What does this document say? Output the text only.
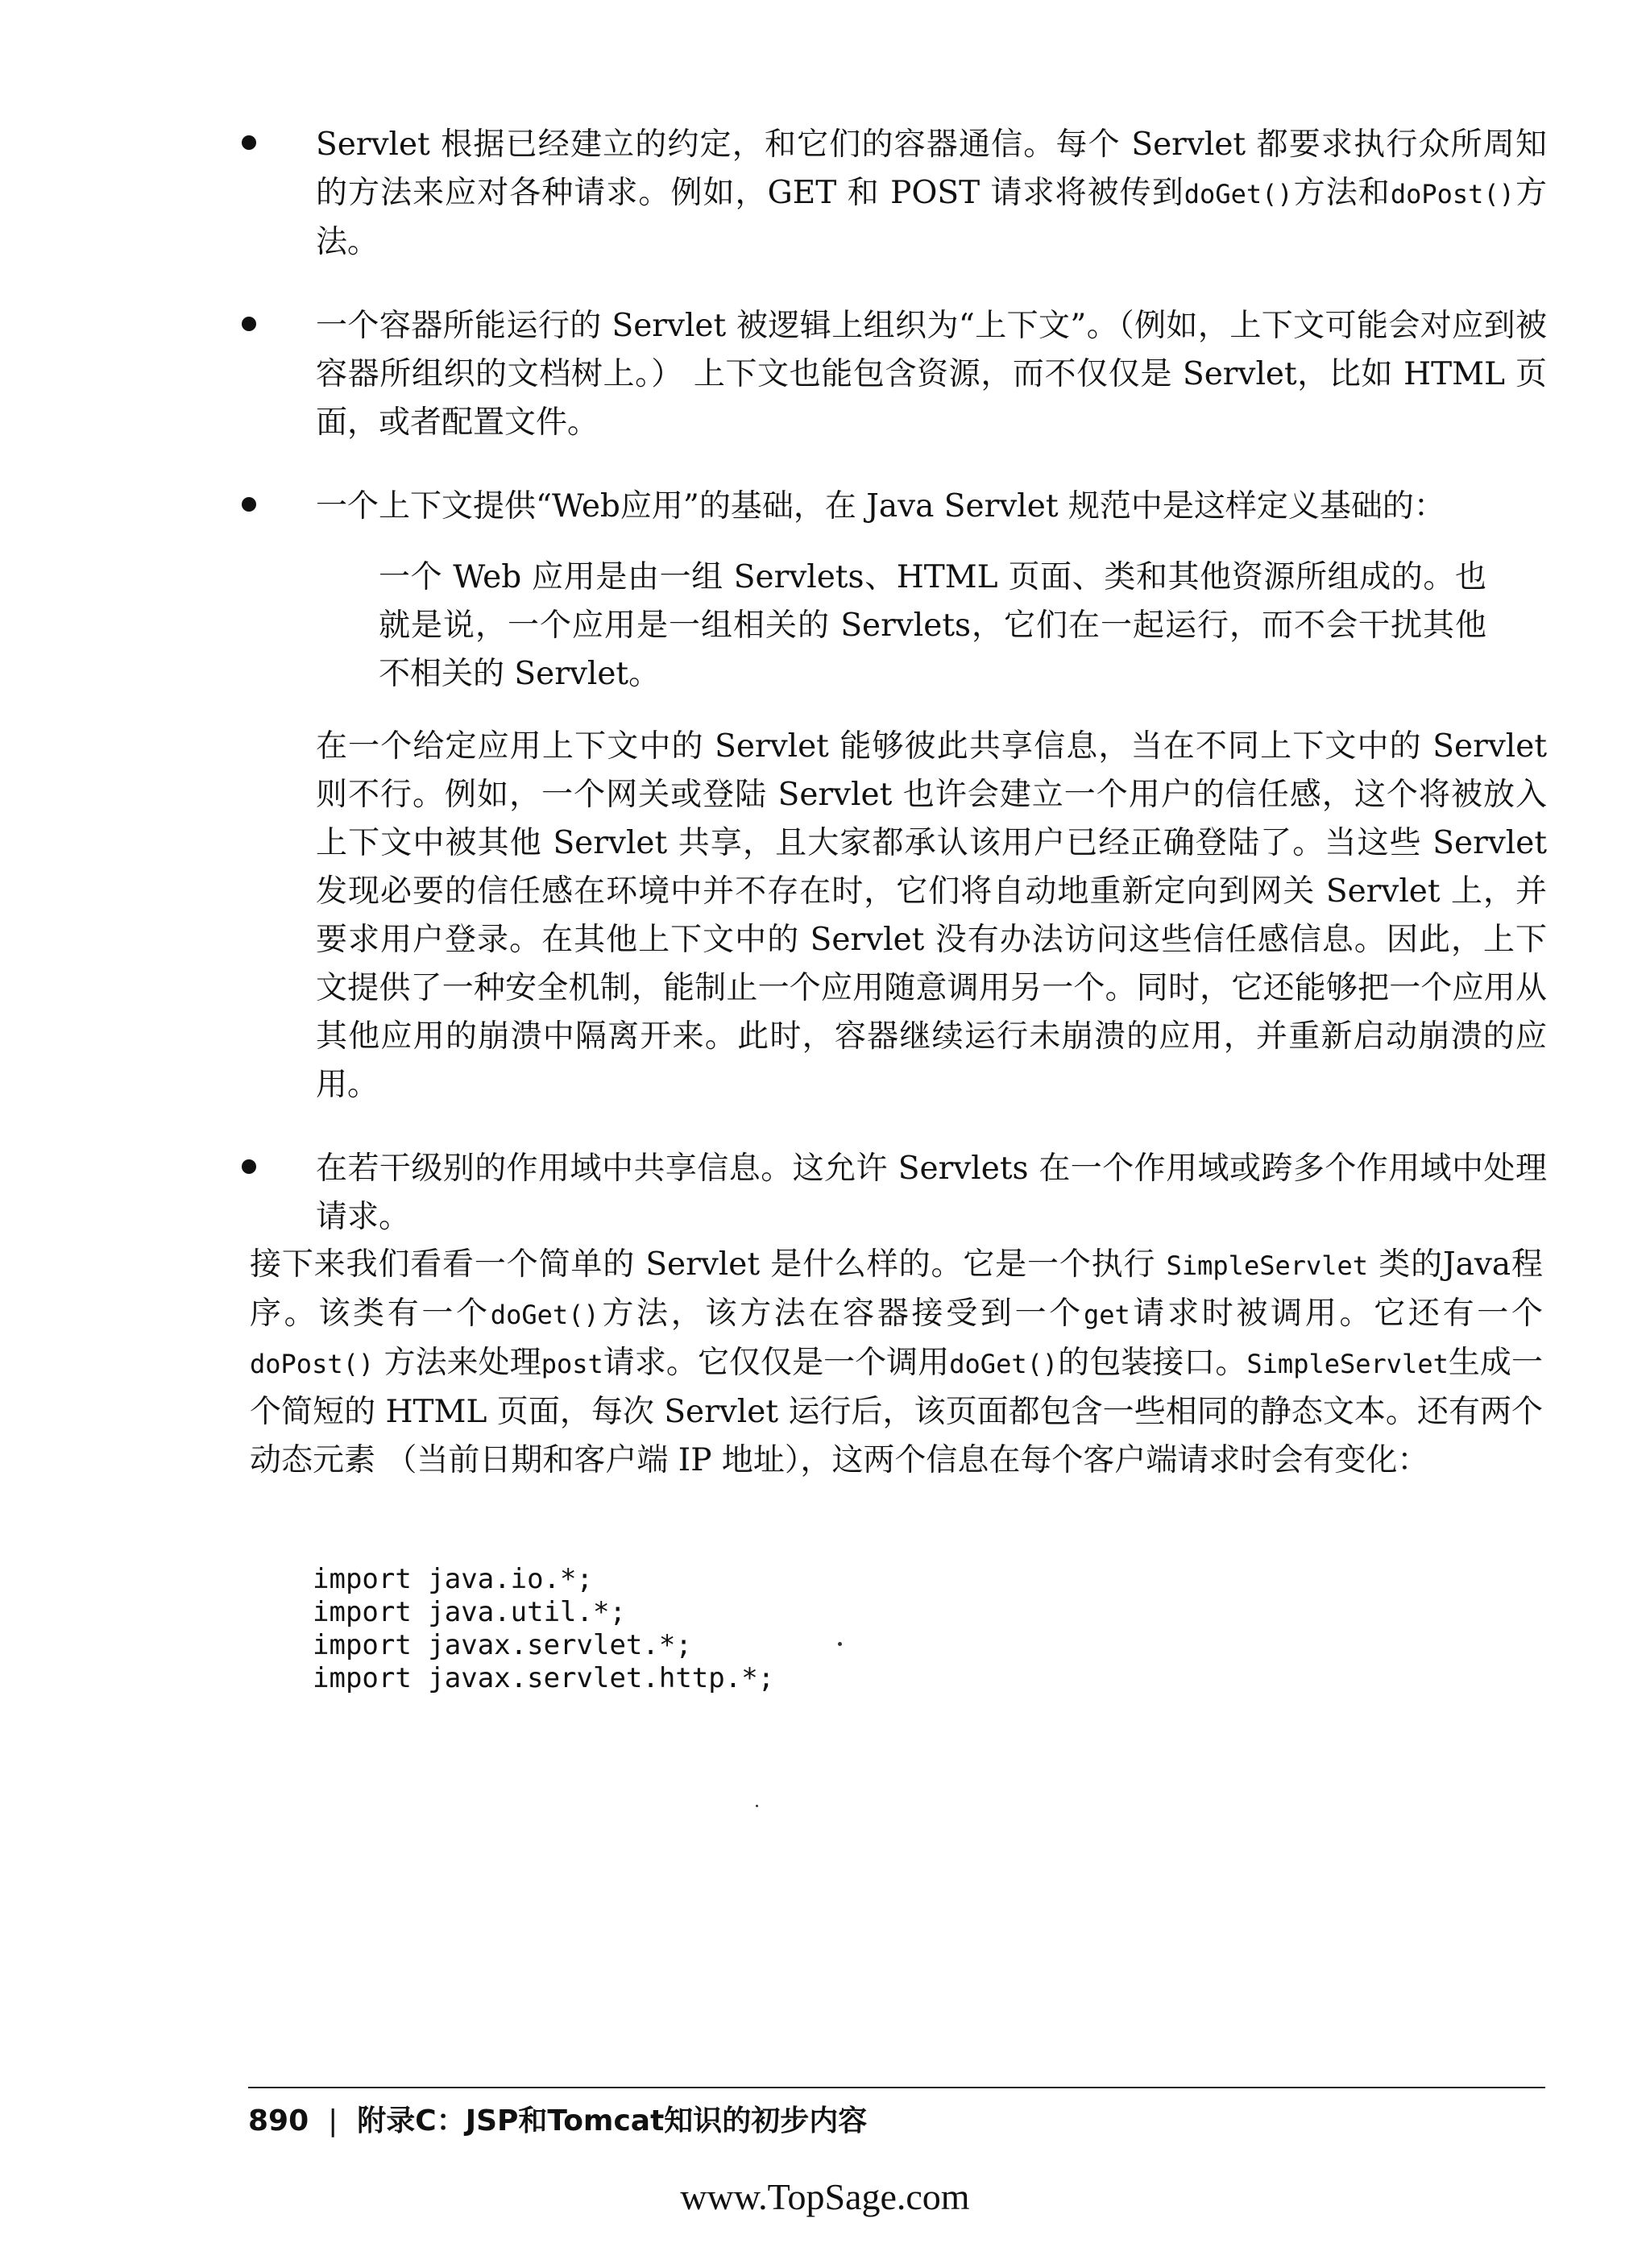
Servlet 根据已经建立的约定，和它们的容器通信。每个 Servlet 都要求执行众所周知的方法来应对各种请求。例如，GET 和 POST 请求将被传到doGet()方法和doPost()方法。
一个容器所能运行的 Servlet 被逻辑上组织为“上下文”。（例如，上下文可能会对应到被容器所组织的文档树上。） 上下文也能包含资源，而不仅仅是 Servlet，比如 HTML 页面，或者配置文件。
一个上下文提供“Web应用”的基础，在 Java Servlet 规范中是这样定义基础的：
一个 Web 应用是由一组 Servlets、HTML 页面、类和其他资源所组成的。也就是说，一个应用是一组相关的 Servlets，它们在一起运行，而不会干扰其他不相关的 Servlet。
在一个给定应用上下文中的 Servlet 能够彼此共享信息，当在不同上下文中的 Servlet 则不行。例如，一个网关或登陆 Servlet 也许会建立一个用户的信任感，这个将被放入上下文中被其他 Servlet 共享，且大家都承认该用户已经正确登陆了。当这些 Servlet 发现必要的信任感在环境中并不存在时，它们将自动地重新定向到网关 Servlet 上，并要求用户登录。在其他上下文中的 Servlet 没有办法访问这些信任感信息。因此，上下文提供了一种安全机制，能制止一个应用随意调用另一个。同时，它还能够把一个应用从其他应用的崩溃中隔离开来。此时，容器继续运行未崩溃的应用，并重新启动崩溃的应用。
在若干级别的作用域中共享信息。这允许 Servlets 在一个作用域或跨多个作用域中处理请求。
接下来我们看看一个简单的 Servlet 是什么样的。它是一个执行 SimpleServlet 类的Java程序。该类有一个doGet()方法，该方法在容器接受到一个get请求时被调用。它还有一个doPost() 方法来处理post请求。它仅仅是一个调用doGet()的包装接口。SimpleServlet生成一个简短的 HTML 页面，每次 Servlet 运行后，该页面都包含一些相同的静态文本。还有两个动态元素 （当前日期和客户端 IP 地址），这两个信息在每个客户端请求时会有变化：
import java.io.*;
import java.util.*;
import javax.servlet.*;
import javax.servlet.http.*;
890 | 附录C：JSP和Tomcat知识的初步内容
www.TopSage.com
